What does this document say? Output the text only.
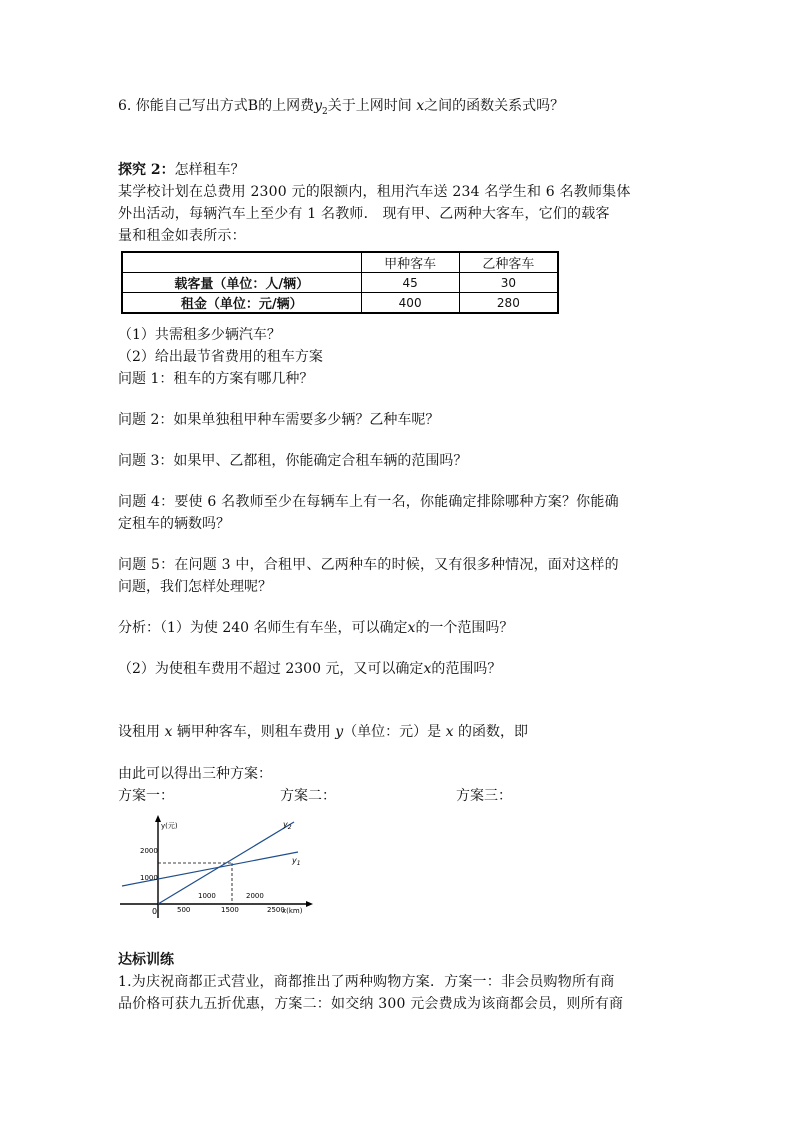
6. 你能自己写出方式B的上网费$y_2$关于上网时间 x之间的函数关系式吗？
探究 2：怎样租车？
某学校计划在总费用 2300 元的限额内，租用汽车送 234 名学生和 6 名教师集体
外出活动，每辆汽车上至少有 1 名教师． 现有甲、乙两种大客车，它们的载客
量和租金如表所示：
	甲种客车	乙种客车
载客量（单位：人/辆）	45	30
租金（单位：元/辆）	400	280
（1）共需租多少辆汽车？
（2）给出最节省费用的租车方案
问题 1：租车的方案有哪几种？
问题 2：如果单独租甲种车需要多少辆？乙种车呢？
问题 3：如果甲、乙都租，你能确定合租车辆的范围吗？
问题 4：要使 6 名教师至少在每辆车上有一名，你能确定排除哪种方案？你能确
定租车的辆数吗？
问题 5：在问题 3 中，合租甲、乙两种车的时候，又有很多种情况，面对这样的
问题，我们怎样处理呢？
分析：（1）为使 240 名师生有车坐，可以确定x的一个范围吗？
（2）为使租车费用不超过 2300 元，又可以确定x的范围吗？
设租用 x 辆甲种客车，则租车费用 y（单位：元）是 x 的函数，即
由此可以得出三种方案：
方案一：	方案二：	方案三：
y(元)
x(km)
0
2000
1000
500	1500	2500
1000	2000
$y_1$
$y_2$
达标训练
1.为庆祝商都正式营业，商都推出了两种购物方案．方案一：非会员购物所有商
品价格可获九五折优惠，方案二：如交纳 300 元会费成为该商都会员，则所有商
